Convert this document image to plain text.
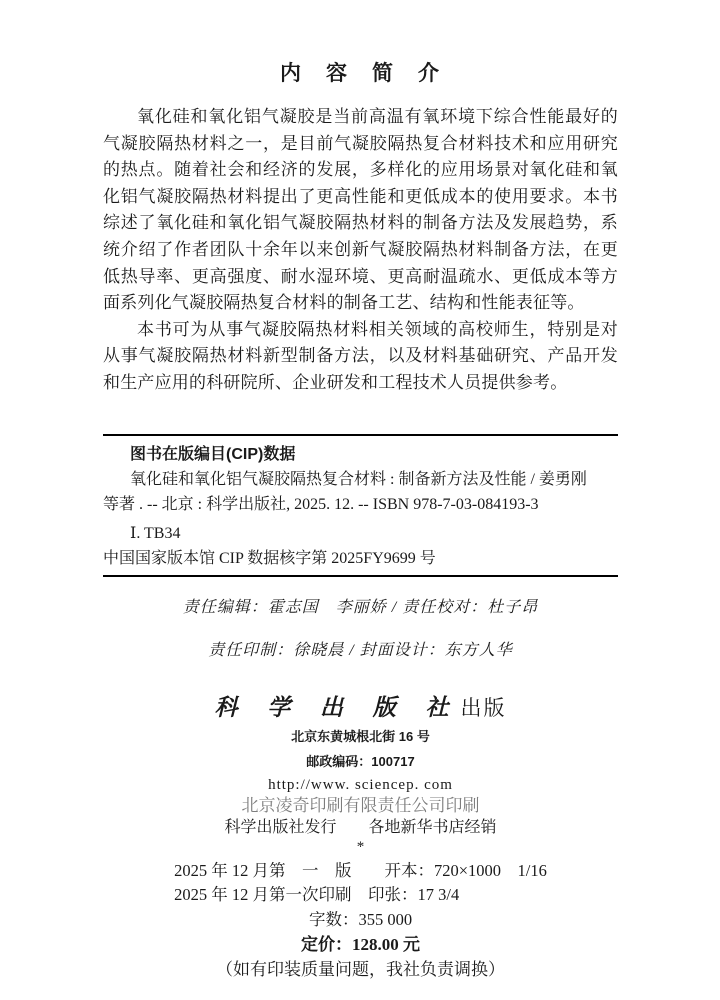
内　容　简　介

氧化硅和氧化铝气凝胶是当前高温有氧环境下综合性能最好的气凝胶隔热材料之一，是目前气凝胶隔热复合材料技术和应用研究的热点。随着社会和经济的发展，多样化的应用场景对氧化硅和氧化铝气凝胶隔热材料提出了更高性能和更低成本的使用要求。本书综述了氧化硅和氧化铝气凝胶隔热材料的制备方法及发展趋势，系统介绍了作者团队十余年以来创新气凝胶隔热材料制备方法，在更低热导率、更高强度、耐水湿环境、更高耐温疏水、更低成本等方面系列化气凝胶隔热复合材料的制备工艺、结构和性能表征等。

本书可为从事气凝胶隔热材料相关领域的高校师生，特别是对从事气凝胶隔热材料新型制备方法，以及材料基础研究、产品开发和生产应用的科研院所、企业研发和工程技术人员提供参考。

图书在版编目(CIP)数据

氧化硅和氧化铝气凝胶隔热复合材料 : 制备新方法及性能 / 姜勇刚

等著 . -- 北京 : 科学出版社, 2025. 12. -- ISBN 978-7-03-084193-3

Ⅰ. TB34

中国国家版本馆 CIP 数据核字第 2025FY9699 号

责任编辑：霍志国　李丽娇 / 责任校对：杜子昂

责任印制：徐晓晨 / 封面设计：东方人华

科 学 出 版 社出版

北京东黄城根北街 16 号

邮政编码：100717

http://www. sciencep. com

北京凌奇印刷有限责任公司印刷

科学出版社发行　　各地新华书店经销

*

2025 年 12 月第　一　版　　开本：720×1000　1/16

2025 年 12 月第一次印刷　印张：17 3/4

字数：355 000

定价：128.00 元

（如有印装质量问题，我社负责调换）
